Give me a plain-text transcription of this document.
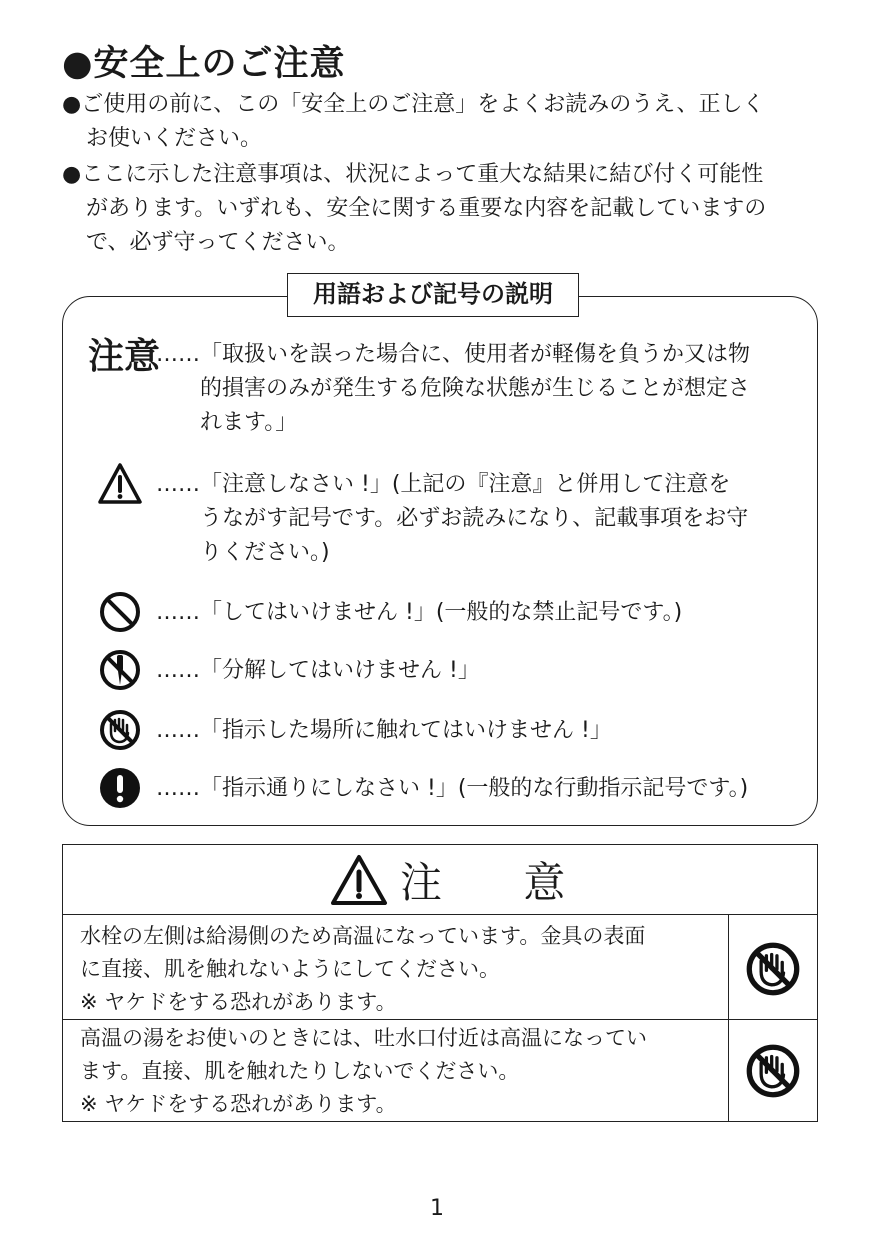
●安全上のご注意
●ご使用の前に、この「安全上のご注意」をよくお読みのうえ、正しく
お使いください。
●ここに示した注意事項は、状況によって重大な結果に結び付く可能性
があります。いずれも、安全に関する重要な内容を記載していますの
で、必ず守ってください。
用語および記号の説明
注意
……「取扱いを誤った場合に、使用者が軽傷を負うか又は物
的損害のみが発生する危険な状態が生じることが想定さ
れます。」
……「注意しなさい !」(上記の『注意』と併用して注意を
うながす記号です。必ずお読みになり、記載事項をお守
りください。)
……「してはいけません !」(一般的な禁止記号です。)
……「分解してはいけません !」
……「指示した場所に触れてはいけません !」
……「指示通りにしなさい !」(一般的な行動指示記号です。)
注 意
水栓の左側は給湯側のため高温になっています。金具の表面
に直接、肌を触れないようにしてください。
※ ヤケドをする恐れがあります。
高温の湯をお使いのときには、吐水口付近は高温になってい
ます。直接、肌を触れたりしないでください。
※ ヤケドをする恐れがあります。
1
